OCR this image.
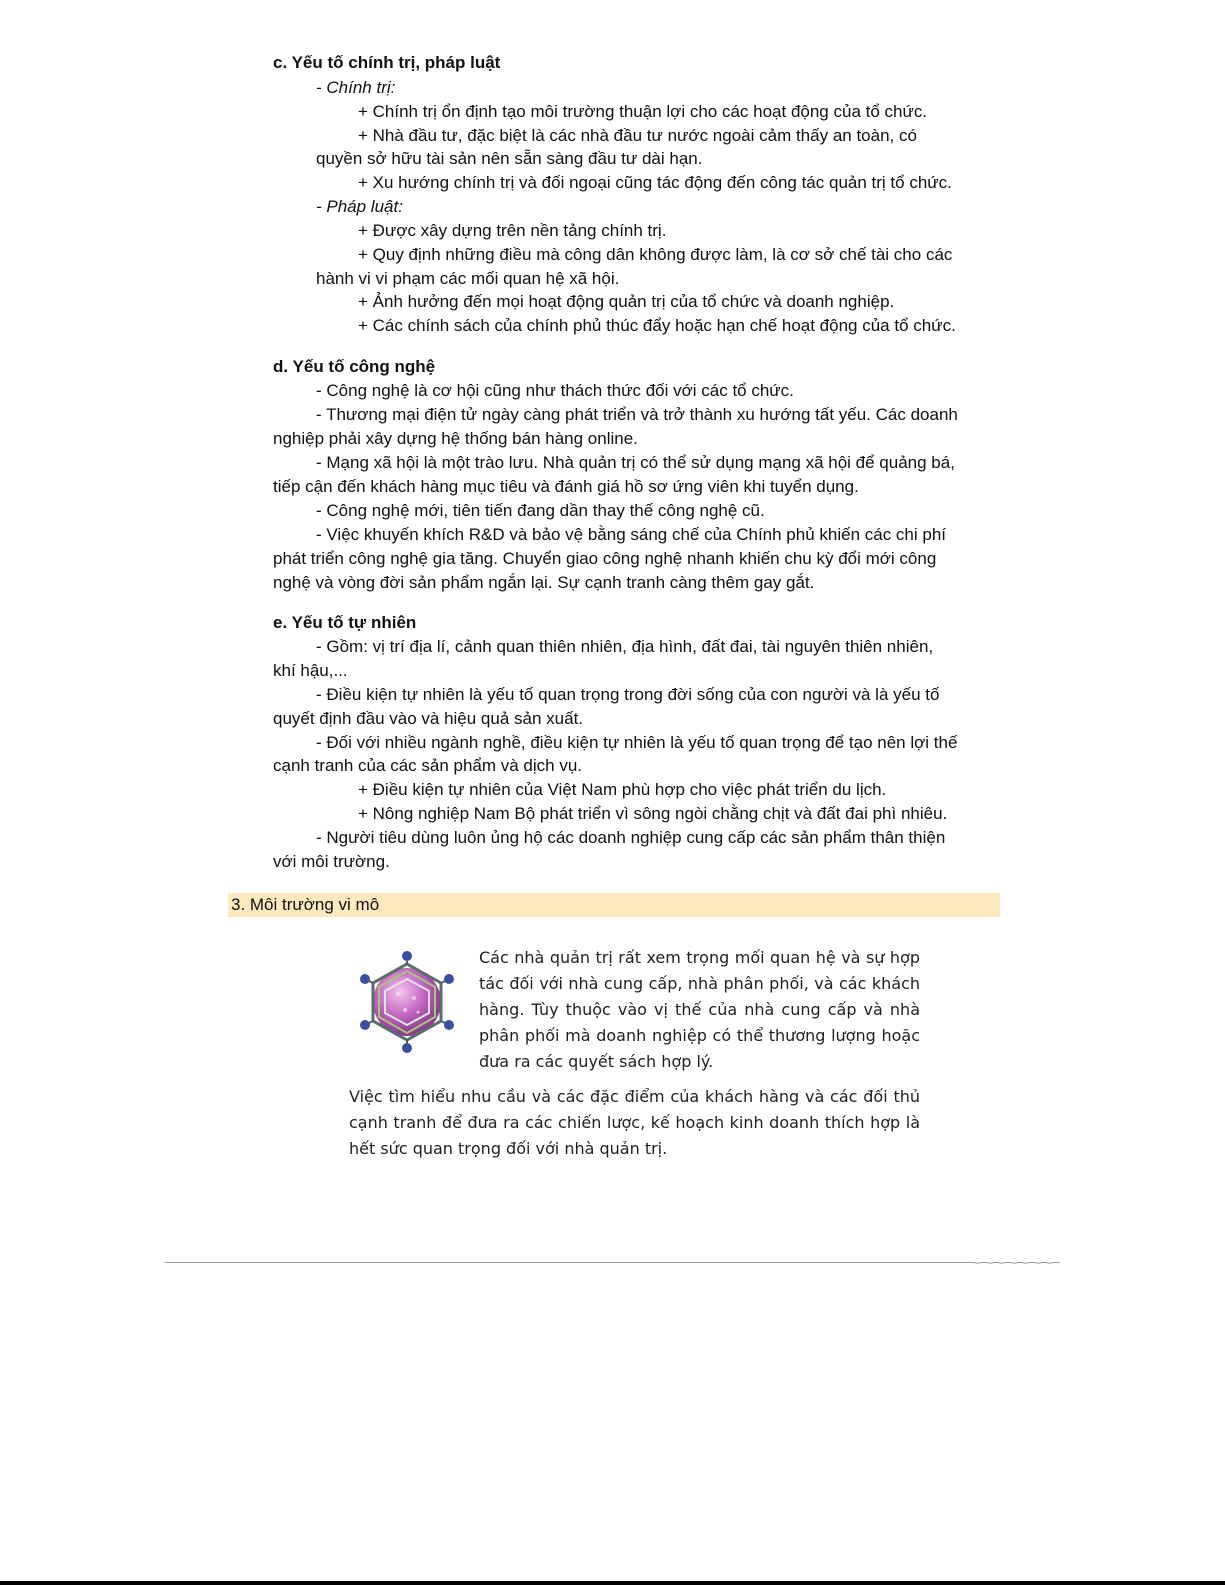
c. Yếu tố chính trị, pháp luật
- Chính trị:
+ Chính trị ổn định tạo môi trường thuận lợi cho các hoạt động của tổ chức.
+ Nhà đầu tư, đặc biệt là các nhà đầu tư nước ngoài cảm thấy an toàn, có
quyền sở hữu tài sản nên sẵn sàng đầu tư dài hạn.
+ Xu hướng chính trị và đối ngoại cũng tác động đến công tác quản trị tổ chức.
- Pháp luật:
+ Được xây dựng trên nền tảng chính trị.
+ Quy định những điều mà công dân không được làm, là cơ sở chế tài cho các
hành vi vi phạm các mối quan hệ xã hội.
+ Ảnh hưởng đến mọi hoạt động quản trị của tổ chức và doanh nghiệp.
+ Các chính sách của chính phủ thúc đẩy hoặc hạn chế hoạt động của tổ chức.
d. Yếu tố công nghệ
- Công nghệ là cơ hội cũng như thách thức đối với các tổ chức.
- Thương mại điện tử ngày càng phát triển và trở thành xu hướng tất yếu. Các doanh
nghiệp phải xây dựng hệ thống bán hàng online.
- Mạng xã hội là một trào lưu. Nhà quản trị có thể sử dụng mạng xã hội để quảng bá,
tiếp cận đến khách hàng mục tiêu và đánh giá hồ sơ ứng viên khi tuyển dụng.
- Công nghệ mới, tiên tiến đang dần thay thế công nghệ cũ.
- Việc khuyến khích R&D và bảo vệ bằng sáng chế của Chính phủ khiến các chi phí
phát triển công nghệ gia tăng. Chuyển giao công nghệ nhanh khiến chu kỳ đổi mới công
nghệ và vòng đời sản phẩm ngắn lại. Sự cạnh tranh càng thêm gay gắt.
e. Yếu tố tự nhiên
- Gồm: vị trí địa lí, cảnh quan thiên nhiên, địa hình, đất đai, tài nguyên thiên nhiên,
khí hậu,...
- Điều kiện tự nhiên là yếu tố quan trọng trong đời sống của con người và là yếu tố
quyết định đầu vào và hiệu quả sản xuất.
- Đối với nhiều ngành nghề, điều kiện tự nhiên là yếu tố quan trọng để tạo nên lợi thế
cạnh tranh của các sản phẩm và dịch vụ.
+ Điều kiện tự nhiên của Việt Nam phù hợp cho việc phát triển du lịch.
+ Nông nghiệp Nam Bộ phát triển vì sông ngòi chằng chịt và đất đai phì nhiêu.
- Người tiêu dùng luôn ủng hộ các doanh nghiệp cung cấp các sản phẩm thân thiện
với môi trường.
3. Môi trường vi mô
Các nhà quản trị rất xem trọng mối quan hệ và sự hợp
tác đối với nhà cung cấp, nhà phân phối, và các khách
hàng. Tùy thuộc vào vị thế của nhà cung cấp và nhà
phân phối mà doanh nghiệp có thể thương lượng hoặc
đưa ra các quyết sách hợp lý.
Việc tìm hiểu nhu cầu và các đặc điểm của khách hàng và các đối thủ
cạnh tranh để đưa ra các chiến lược, kế hoạch kinh doanh thích hợp là
hết sức quan trọng đối với nhà quản trị.
